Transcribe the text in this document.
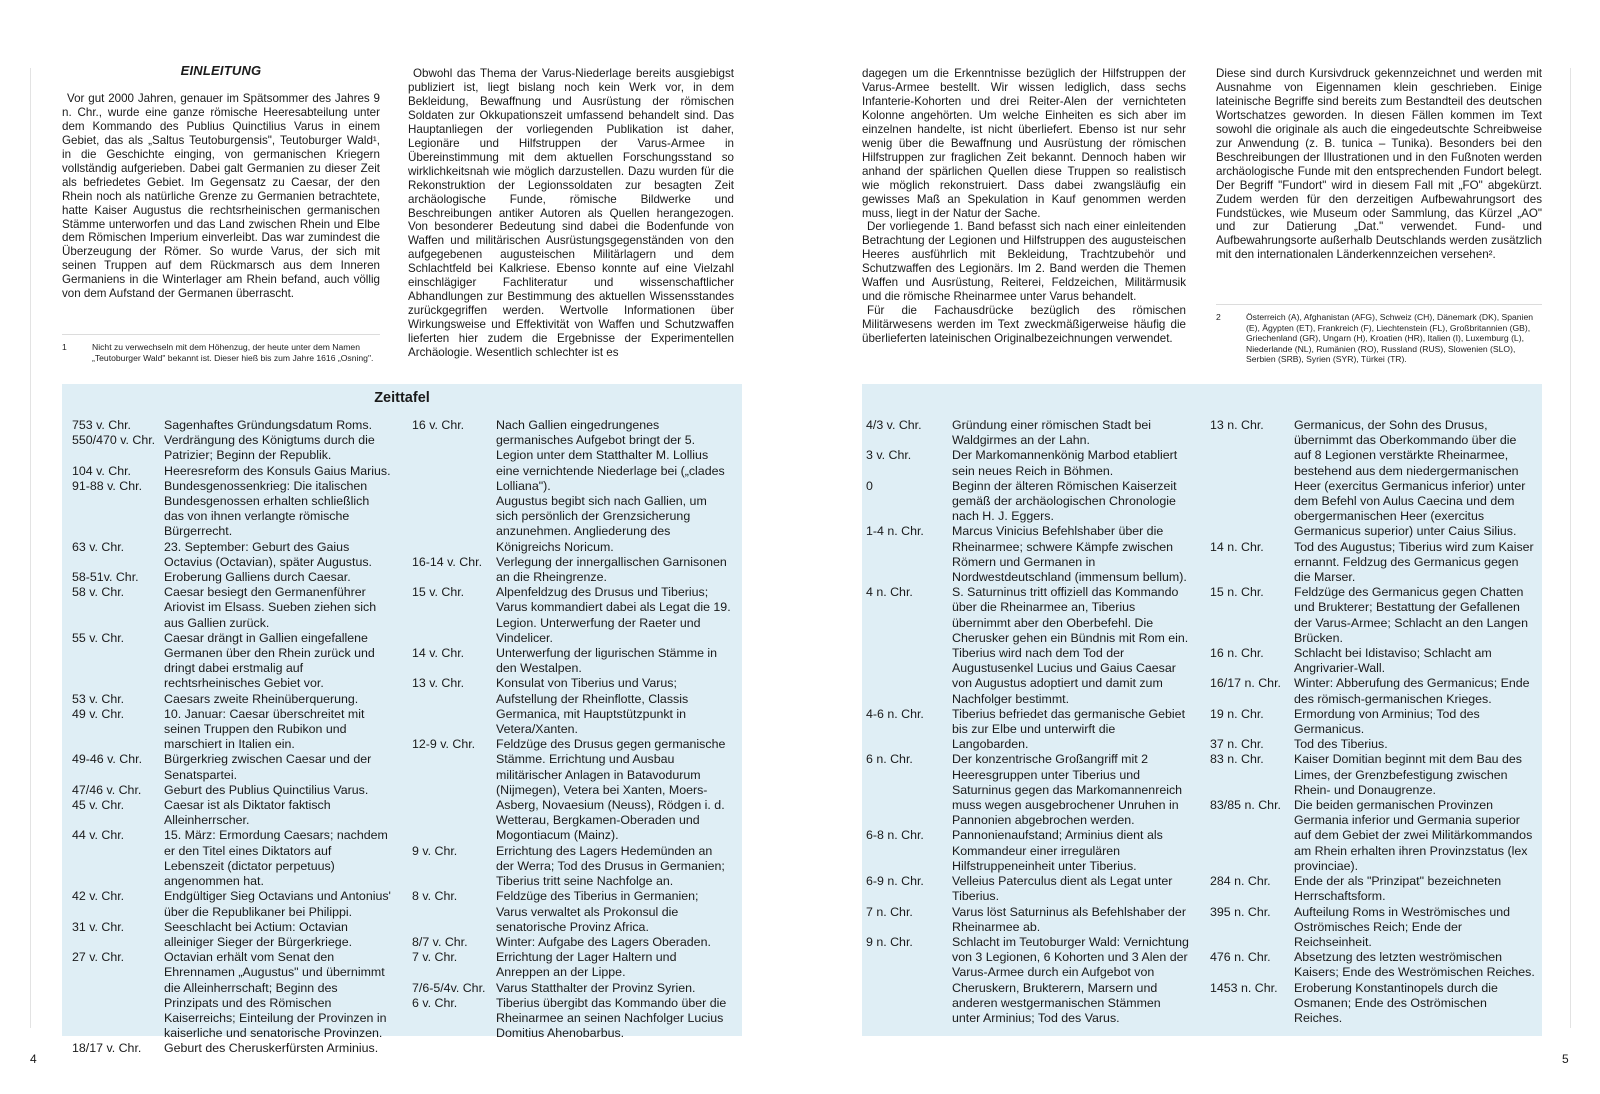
EINLEITUNG

Vor gut 2000 Jahren, genauer im Spätsommer des Jahres 9 n. Chr., wurde eine ganze römische Heeresabteilung unter dem Kommando des Publius Quinctilius Varus in einem Gebiet, das als „Saltus Teutoburgensis", Teutoburger Wald¹, in die Geschichte einging, von germanischen Kriegern vollständig aufgerieben. Dabei galt Germanien zu dieser Zeit als befriedetes Gebiet. Im Gegensatz zu Caesar, der den Rhein noch als natürliche Grenze zu Germanien betrachtete, hatte Kaiser Augustus die rechtsrheinischen germanischen Stämme unterworfen und das Land zwischen Rhein und Elbe dem Römischen Imperium einverleibt. Das war zumindest die Überzeugung der Römer. So wurde Varus, der sich mit seinen Truppen auf dem Rückmarsch aus dem Inneren Germaniens in die Winterlager am Rhein befand, auch völlig von dem Aufstand der Germanen überrascht.

1	Nicht zu verwechseln mit dem Höhenzug, der heute unter dem Namen „Teutoburger Wald" bekannt ist. Dieser hieß bis zum Jahre 1616 „Osning".

Obwohl das Thema der Varus-Niederlage bereits ausgiebigst publiziert ist, liegt bislang noch kein Werk vor, in dem Bekleidung, Bewaffnung und Ausrüstung der römischen Soldaten zur Okkupationszeit umfassend behandelt sind. Das Hauptanliegen der vorliegenden Publikation ist daher, Legionäre und Hilfstruppen der Varus-Armee in Übereinstimmung mit dem aktuellen Forschungsstand so wirklichkeitsnah wie möglich darzustellen. Dazu wurden für die Rekonstruktion der Legionssoldaten zur besagten Zeit archäologische Funde, römische Bildwerke und Beschreibungen antiker Autoren als Quellen herangezogen. Von besonderer Bedeutung sind dabei die Bodenfunde von Waffen und militärischen Ausrüstungsgegenständen von den aufgegebenen augusteischen Militärlagern und dem Schlachtfeld bei Kalkriese. Ebenso konnte auf eine Vielzahl einschlägiger Fachliteratur und wissenschaftlicher Abhandlungen zur Bestimmung des aktuellen Wissensstandes zurückgegriffen werden. Wertvolle Informationen über Wirkungsweise und Effektivität von Waffen und Schutzwaffen lieferten hier zudem die Ergebnisse der Experimentellen Archäologie. Wesentlich schlechter ist es

dagegen um die Erkenntnisse bezüglich der Hilfstruppen der Varus-Armee bestellt. Wir wissen lediglich, dass sechs Infanterie-Kohorten und drei Reiter-Alen der vernichteten Kolonne angehörten. Um welche Einheiten es sich aber im einzelnen handelte, ist nicht überliefert. Ebenso ist nur sehr wenig über die Bewaffnung und Ausrüstung der römischen Hilfstruppen zur fraglichen Zeit bekannt. Dennoch haben wir anhand der spärlichen Quellen diese Truppen so realistisch wie möglich rekonstruiert. Dass dabei zwangsläufig ein gewisses Maß an Spekulation in Kauf genommen werden muss, liegt in der Natur der Sache.

Der vorliegende 1. Band befasst sich nach einer einleitenden Betrachtung der Legionen und Hilfstruppen des augusteischen Heeres ausführlich mit Bekleidung, Trachtzubehör und Schutzwaffen des Legionärs. Im 2. Band werden die Themen Waffen und Ausrüstung, Reiterei, Feldzeichen, Militärmusik und die römische Rheinarmee unter Varus behandelt.

Für die Fachausdrücke bezüglich des römischen Militärwesens werden im Text zweckmäßigerweise häufig die überlieferten lateinischen Originalbezeichnungen verwendet.

Diese sind durch Kursivdruck gekennzeichnet und werden mit Ausnahme von Eigennamen klein geschrieben. Einige lateinische Begriffe sind bereits zum Bestandteil des deutschen Wortschatzes geworden. In diesen Fällen kommen im Text sowohl die originale als auch die eingedeutschte Schreibweise zur Anwendung (z. B. tunica – Tunika). Besonders bei den Beschreibungen der Illustrationen und in den Fußnoten werden archäologische Funde mit den entsprechenden Fundort belegt. Der Begriff "Fundort" wird in diesem Fall mit „FO" abgekürzt. Zudem werden für den derzeitigen Aufbewahrungsort des Fundstückes, wie Museum oder Sammlung, das Kürzel „AO" und zur Datierung „Dat." verwendet. Fund- und Aufbewahrungsorte außerhalb Deutschlands werden zusätzlich mit den internationalen Länderkennzeichen versehen².

2	Österreich (A), Afghanistan (AFG), Schweiz (CH), Dänemark (DK), Spanien (E), Ägypten (ET), Frankreich (F), Liechtenstein (FL), Großbritannien (GB), Griechenland (GR), Ungarn (H), Kroatien (HR), Italien (I), Luxemburg (L), Niederlande (NL), Rumänien (RO), Russland (RUS), Slowenien (SLO), Serbien (SRB), Syrien (SYR), Türkei (TR).
Zeittafel
753 v. Chr.	Sagenhaftes Gründungsdatum Roms.
550/470 v. Chr. Verdrängung des Königtums durch die Patrizier; Beginn der Republik.
104 v. Chr.	Heeresreform des Konsuls Gaius Marius.
91-88 v. Chr. Bundesgenossenkrieg: Die italischen Bundesgenossen erhalten schließlich das von ihnen verlangte römische Bürgerrecht.
63 v. Chr.	23. September: Geburt des Gaius Octavius (Octavian), später Augustus.
58-51v. Chr. Eroberung Galliens durch Caesar.
58 v. Chr.	Caesar besiegt den Germanenführer Ariovist im Elsass. Sueben ziehen sich aus Gallien zurück.
55 v. Chr.	Caesar drängt in Gallien eingefallene Germanen über den Rhein zurück und dringt dabei erstmalig auf rechtsrheinisches Gebiet vor.
53 v. Chr.	Caesars zweite Rheinüberquerung.
49 v. Chr.	10. Januar: Caesar überschreitet mit seinen Truppen den Rubikon und marschiert in Italien ein.
49-46 v. Chr. Bürgerkrieg zwischen Caesar und der Senatspartei.
47/46 v. Chr. Geburt des Publius Quinctilius Varus.
45 v. Chr.	Caesar ist als Diktator faktisch Alleinherrscher.
44 v. Chr.	15. März: Ermordung Caesars; nachdem er den Titel eines Diktators auf Lebenszeit (dictator perpetuus) angenommen hat.
42 v. Chr.	Endgültiger Sieg Octavians und Antonius' über die Republikaner bei Philippi.
31 v. Chr.	Seeschlacht bei Actium: Octavian alleiniger Sieger der Bürgerkriege.
27 v. Chr.	Octavian erhält vom Senat den Ehrennamen „Augustus" und übernimmt die Alleinherrschaft; Beginn des Prinzipats und des Römischen Kaiserreichs; Einteilung der Provinzen in kaiserliche und senatorische Provinzen.
18/17 v. Chr. Geburt des Cheruskerfürsten Arminius.
16 v. Chr.	Nach Gallien eingedrungenes germanisches Aufgebot bringt der 5. Legion unter dem Statthalter M. Lollius eine vernichtende Niederlage bei („clades Lolliana").
Augustus begibt sich nach Gallien, um sich persönlich der Grenzsicherung anzunehmen. Angliederung des Königreichs Noricum.
16-14 v. Chr. Verlegung der innergallischen Garnisonen an die Rheingrenze.
15 v. Chr.	Alpenfeldzug des Drusus und Tiberius; Varus kommandiert dabei als Legat die 19. Legion. Unterwerfung der Raeter und Vindelicer.
14 v. Chr.	Unterwerfung der ligurischen Stämme in den Westalpen.
13 v. Chr.	Konsulat von Tiberius und Varus; Aufstellung der Rheinflotte, Classis Germanica, mit Hauptstützpunkt in Vetera/Xanten.
12-9 v. Chr. Feldzüge des Drusus gegen germanische Stämme. Errichtung und Ausbau militärischer Anlagen in Batavodurum (Nijmegen), Vetera bei Xanten, Moers-Asberg, Novaesium (Neuss), Rödgen i. d. Wetterau, Bergkamen-Oberaden und Mogontiacum (Mainz).
9 v. Chr.	Errichtung des Lagers Hedemünden an der Werra; Tod des Drusus in Germanien; Tiberius tritt seine Nachfolge an.
8 v. Chr.	Feldzüge des Tiberius in Germanien; Varus verwaltet als Prokonsul die senatorische Provinz Africa.
8/7 v. Chr. Winter: Aufgabe des Lagers Oberaden.
7 v. Chr.	Errichtung der Lager Haltern und Anreppen an der Lippe.
7/6-5/4v. Chr. Varus Statthalter der Provinz Syrien.
6 v. Chr.	Tiberius übergibt das Kommando über die Rheinarmee an seinen Nachfolger Lucius Domitius Ahenobarbus.
4/3 v. Chr. Gründung einer römischen Stadt bei Waldgirmes an der Lahn.
3 v. Chr.	Der Markomannenkönig Marbod etabliert sein neues Reich in Böhmen.
0	Beginn der älteren Römischen Kaiserzeit gemäß der archäologischen Chronologie nach H. J. Eggers.
1-4 n. Chr. Marcus Vinicius Befehlshaber über die Rheinarmee; schwere Kämpfe zwischen Römern und Germanen in Nordwestdeutschland (immensum bellum).
4 n. Chr.	S. Saturninus tritt offiziell das Kommando über die Rheinarmee an, Tiberius übernimmt aber den Oberbefehl. Die Cherusker gehen ein Bündnis mit Rom ein. Tiberius wird nach dem Tod der Augustusenkel Lucius und Gaius Caesar von Augustus adoptiert und damit zum Nachfolger bestimmt.
4-6 n. Chr. Tiberius befriedet das germanische Gebiet bis zur Elbe und unterwirft die Langobarden.
6 n. Chr.	Der konzentrische Großangriff mit 2 Heeresgruppen unter Tiberius und Saturninus gegen das Markomannenreich muss wegen ausgebrochener Unruhen in Pannonien abgebrochen werden.
6-8 n. Chr. Pannonienaufstand; Arminius dient als Kommandeur einer irregulären Hilfstruppeneinheit unter Tiberius.
6-9 n. Chr. Velleius Paterculus dient als Legat unter Tiberius.
7 n. Chr.	Varus löst Saturninus als Befehlshaber der Rheinarmee ab.
9 n. Chr.	Schlacht im Teutoburger Wald: Vernichtung von 3 Legionen, 6 Kohorten und 3 Alen der Varus-Armee durch ein Aufgebot von Cheruskern, Brukterern, Marsern und anderen westgermanischen Stämmen unter Arminius; Tod des Varus.
13 n. Chr. Germanicus, der Sohn des Drusus, übernimmt das Oberkommando über die auf 8 Legionen verstärkte Rheinarmee, bestehend aus dem niedergermanischen Heer (exercitus Germanicus inferior) unter dem Befehl von Aulus Caecina und dem obergermanischen Heer (exercitus Germanicus superior) unter Caius Silius.
14 n. Chr. Tod des Augustus; Tiberius wird zum Kaiser ernannt. Feldzug des Germanicus gegen die Marser.
15 n. Chr. Feldzüge des Germanicus gegen Chatten und Brukterer; Bestattung der Gefallenen der Varus-Armee; Schlacht an den Langen Brücken.
16 n. Chr. Schlacht bei Idistaviso; Schlacht am Angrivarier-Wall.
16/17 n. Chr. Winter: Abberufung des Germanicus; Ende des römisch-germanischen Krieges.
19 n. Chr. Ermordung von Arminius; Tod des Germanicus.
37 n. Chr. Tod des Tiberius.
83 n. Chr. Kaiser Domitian beginnt mit dem Bau des Limes, der Grenzbefestigung zwischen Rhein- und Donaugrenze.
83/85 n. Chr. Die beiden germanischen Provinzen Germania inferior und Germania superior auf dem Gebiet der zwei Militärkommandos am Rhein erhalten ihren Provinzstatus (lex provinciae).
284 n. Chr. Ende der als "Prinzipat" bezeichneten Herrschaftsform.
395 n. Chr. Aufteilung Roms in Weströmisches und Oströmisches Reich; Ende der Reichseinheit.
476 n. Chr. Absetzung des letzten weströmischen Kaisers; Ende des Weströmischen Reiches.
1453 n. Chr. Eroberung Konstantinopels durch die Osmanen; Ende des Oströmischen Reiches.
4	5
